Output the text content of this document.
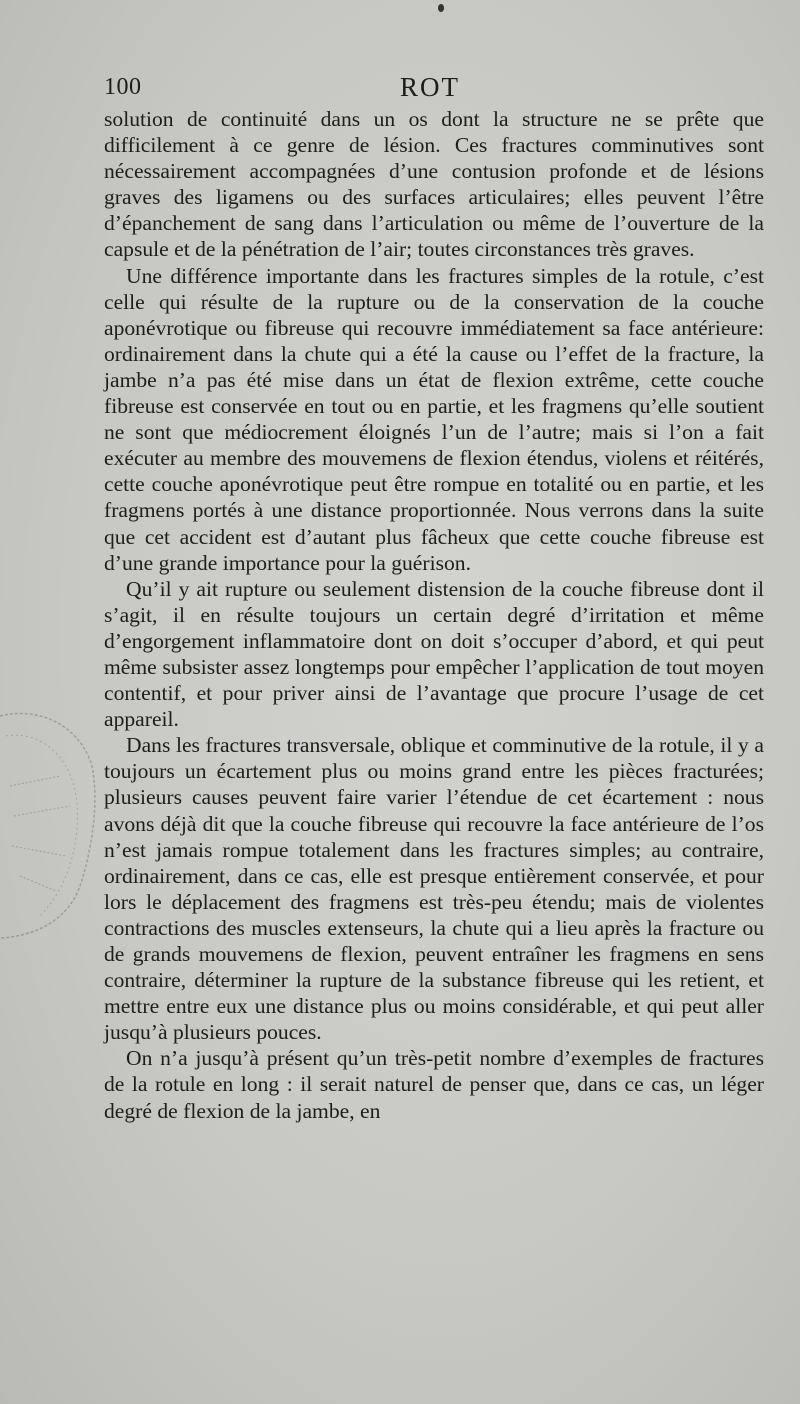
100	ROT

solution de continuité dans un os dont la structure ne se prête que difficilement à ce genre de lésion. Ces fractures comminutives sont nécessairement accompagnées d’une contusion profonde et de lésions graves des ligamens ou des surfaces articulaires; elles peuvent l’être d’épanchement de sang dans l’articulation ou même de l’ouverture de la capsule et de la pénétration de l’air; toutes circonstances très graves.

Une différence importante dans les fractures simples de la rotule, c’est celle qui résulte de la rupture ou de la conservation de la couche aponévrotique ou fibreuse qui recouvre immédiatement sa face antérieure: ordinairement dans la chute qui a été la cause ou l’effet de la fracture, la jambe n’a pas été mise dans un état de flexion extrême, cette couche fibreuse est conservée en tout ou en partie, et les fragmens qu’elle soutient ne sont que médiocrement éloignés l’un de l’autre; mais si l’on a fait exécuter au membre des mouvemens de flexion étendus, violens et réitérés, cette couche aponévrotique peut être rompue en totalité ou en partie, et les fragmens portés à une distance proportionnée. Nous verrons dans la suite que cet accident est d’autant plus fâcheux que cette couche fibreuse est d’une grande importance pour la guérison.

Qu’il y ait rupture ou seulement distension de la couche fibreuse dont il s’agit, il en résulte toujours un certain degré d’irritation et même d’engorgement inflammatoire dont on doit s’occuper d’abord, et qui peut même subsister assez longtemps pour empêcher l’application de tout moyen contentif, et pour priver ainsi de l’avantage que procure l’usage de cet appareil.

Dans les fractures transversale, oblique et comminutive de la rotule, il y a toujours un écartement plus ou moins grand entre les pièces fracturées; plusieurs causes peuvent faire varier l’étendue de cet écartement : nous avons déjà dit que la couche fibreuse qui recouvre la face antérieure de l’os n’est jamais rompue totalement dans les fractures simples; au contraire, ordinairement, dans ce cas, elle est presque entièrement conservée, et pour lors le déplacement des fragmens est très-peu étendu; mais de violentes contractions des muscles extenseurs, la chute qui a lieu après la fracture ou de grands mouvemens de flexion, peuvent entraîner les fragmens en sens contraire, déterminer la rupture de la substance fibreuse qui les retient, et mettre entre eux une distance plus ou moins considérable, et qui peut aller jusqu’à plusieurs pouces.

On n’a jusqu’à présent qu’un très-petit nombre d’exemples de fractures de la rotule en long : il serait naturel de penser que, dans ce cas, un léger degré de flexion de la jambe, en
